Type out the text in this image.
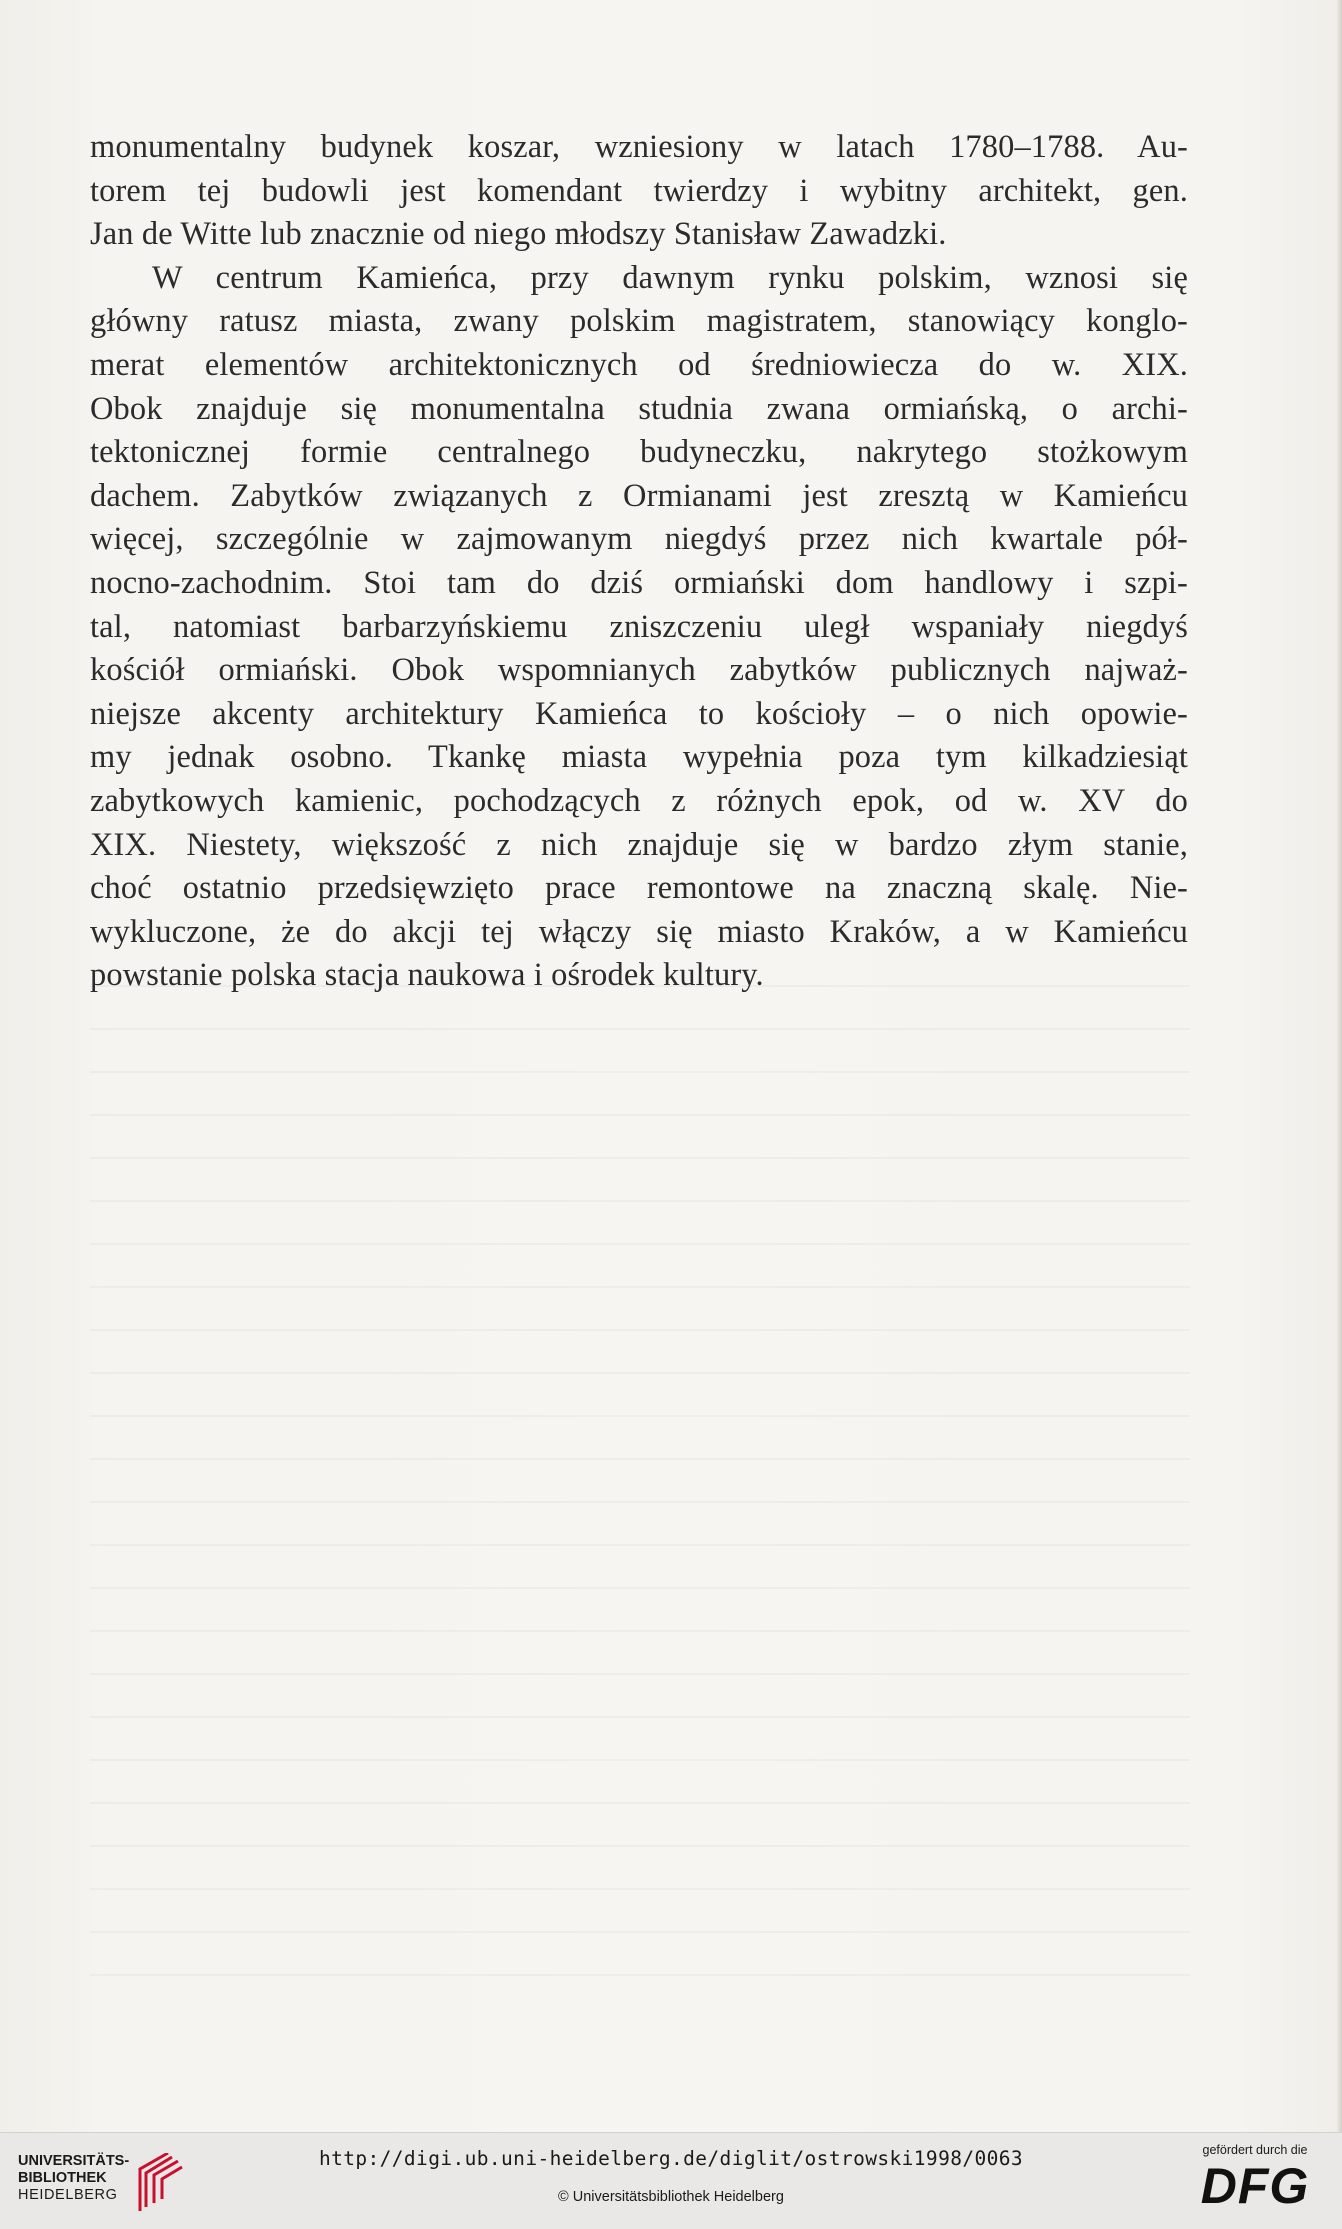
monumentalny budynek koszar, wzniesiony w latach 1780–1788. Au-
torem tej budowli jest komendant twierdzy i wybitny architekt, gen.
Jan de Witte lub znacznie od niego młodszy Stanisław Zawadzki.
W centrum Kamieńca, przy dawnym rynku polskim, wznosi się
główny ratusz miasta, zwany polskim magistratem, stanowiący konglo-
merat elementów architektonicznych od średniowiecza do w. XIX.
Obok znajduje się monumentalna studnia zwana ormiańską, o archi-
tektonicznej formie centralnego budyneczku, nakrytego stożkowym
dachem. Zabytków związanych z Ormianami jest zresztą w Kamieńcu
więcej, szczególnie w zajmowanym niegdyś przez nich kwartale pół-
nocno-zachodnim. Stoi tam do dziś ormiański dom handlowy i szpi-
tal, natomiast barbarzyńskiemu zniszczeniu uległ wspaniały niegdyś
kościół ormiański. Obok wspomnianych zabytków publicznych najważ-
niejsze akcenty architektury Kamieńca to kościoły – o nich opowie-
my jednak osobno. Tkankę miasta wypełnia poza tym kilkadziesiąt
zabytkowych kamienic, pochodzących z różnych epok, od w. XV do
XIX. Niestety, większość z nich znajduje się w bardzo złym stanie,
choć ostatnio przedsięwzięto prace remontowe na znaczną skalę. Nie-
wykluczone, że do akcji tej włączy się miasto Kraków, a w Kamieńcu
powstanie polska stacja naukowa i ośrodek kultury.
UNIVERSITÄTS-
BIBLIOTHEK
HEIDELBERG
http://digi.ub.uni-heidelberg.de/diglit/ostrowski1998/0063
© Universitätsbibliothek Heidelberg
gefördert durch die
DFG
